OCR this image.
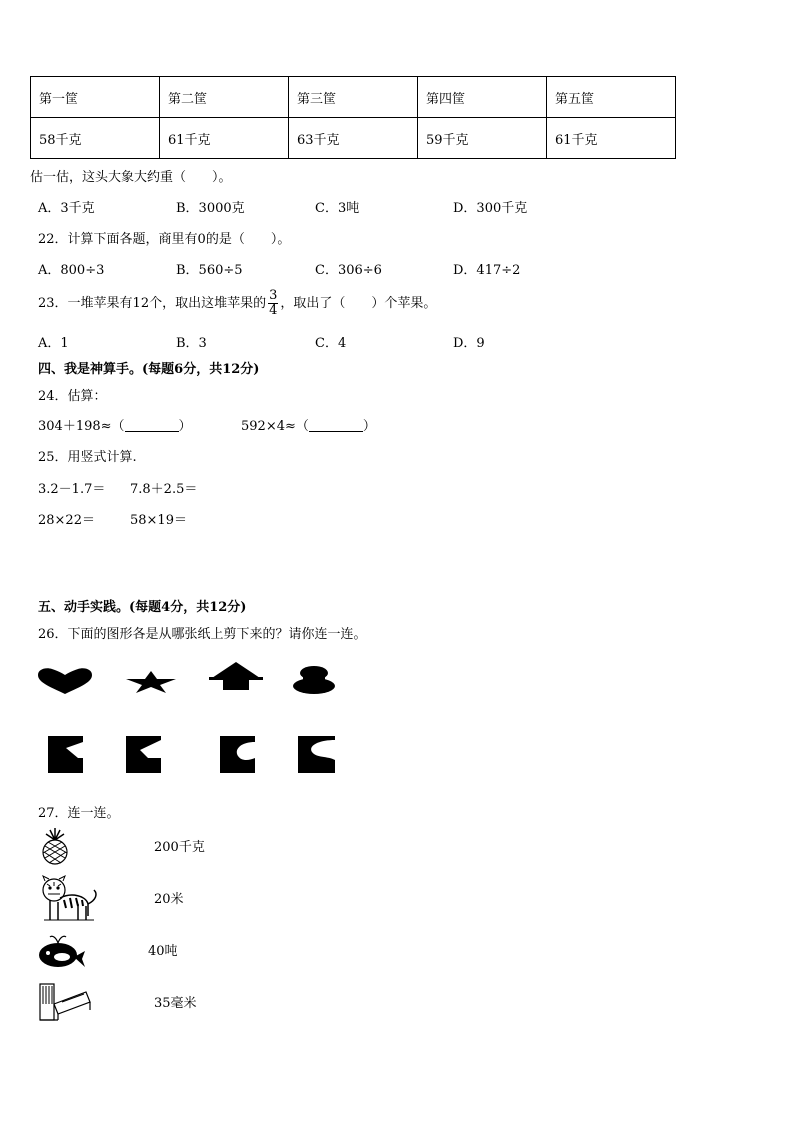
第一筐	第二筐	第三筐	第四筐	第五筐
58千克	61千克	63千克	59千克	61千克
估一估，这头大象大约重（　　）。
A．3千克	B．3000克	C．3吨	D．300千克
22．计算下面各题，商里有0的是（　　）。
A．800÷3	B．560÷5	C．306÷6	D．417÷2
23．一堆苹果有12个，取出这堆苹果的 $\frac{3}{4}$ ，取出了（　　）个苹果。
A．1	B．3	C．4	D．9
四、我是神算手。(每题6分，共12分)
24．估算：
304＋198≈（	）	592×4≈（	）
25．用竖式计算.
3.2－1.7＝ 7.8＋2.5＝
28×22＝	58×19＝
五、动手实践。(每题4分，共12分)
26．下面的图形各是从哪张纸上剪下来的？请你连一连。
27．连一连。
200千克
20米
40吨
35毫米
